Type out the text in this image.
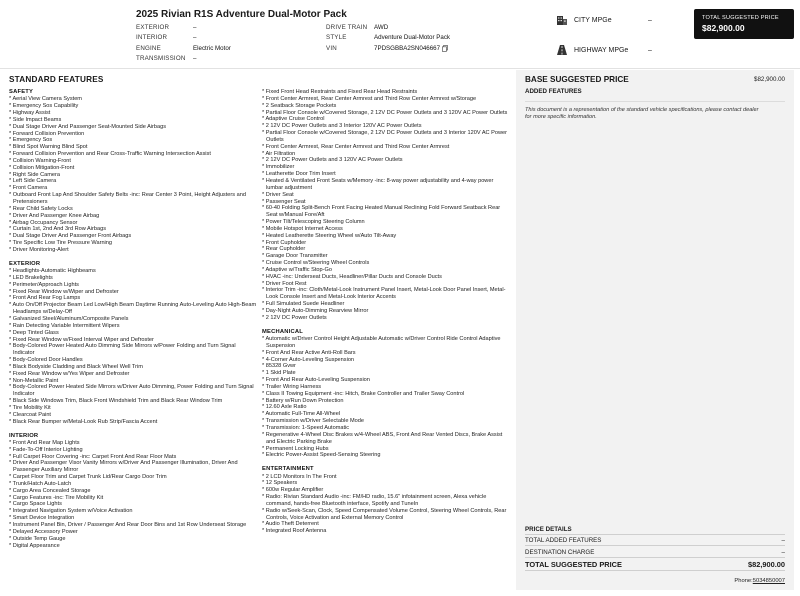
2025 Rivian R1S Adventure Dual-Motor Pack
EXTERIOR	–
INTERIOR	–
ENGINE	Electric Motor
TRANSMISSION	–
DRIVE TRAIN	AWD
STYLE	Adventure Dual-Motor Pack
VIN	7PDSGBBA2SN046667
CITY MPGe	–
HIGHWAY MPGe	–
TOTAL SUGGESTED PRICE
$82,900.00
STANDARD FEATURES
SAFETY
* Aerial View Camera System
* Emergency Sos Capability
* Highway Assist
* Side Impact Beams
* Dual Stage Driver And Passenger Seat-Mounted Side Airbags
* Forward Collision Prevention
* Emergency Sos
* Blind Spot Warning Blind Spot
* Forward Collision Prevention and Rear Cross-Traffic Warning Intersection Assist
* Collision Warning-Front
* Collision Mitigation-Front
* Right Side Camera
* Left Side Camera
* Front Camera
* Outboard Front Lap And Shoulder Safety Belts -inc: Rear Center 3 Point, Height Adjusters and Pretensioners
* Rear Child Safety Locks
* Driver And Passenger Knee Airbag
* Airbag Occupancy Sensor
* Curtain 1st, 2nd And 3rd Row Airbags
* Dual Stage Driver And Passenger Front Airbags
* Tire Specific Low Tire Pressure Warning
* Driver Monitoring-Alert
EXTERIOR
* Headlights-Automatic Highbeams
* LED Brakelights
* Perimeter/Approach Lights
* Fixed Rear Window w/Wiper and Defroster
* Front And Rear Fog Lamps
* Auto On/Off Projector Beam Led Low/High Beam Daytime Running Auto-Leveling Auto High-Beam Headlamps w/Delay-Off
* Galvanized Steel/Aluminum/Composite Panels
* Rain Detecting Variable Intermittent Wipers
* Deep Tinted Glass
* Fixed Rear Window w/Fixed Interval Wiper and Defroster
* Body-Colored Power Heated Auto Dimming Side Mirrors w/Power Folding and Turn Signal Indicator
* Body-Colored Door Handles
* Black Bodyside Cladding and Black Wheel Well Trim
* Fixed Rear Window w/Yes Wiper and Defroster
* Non-Metallic Paint
* Body-Colored Power Heated Side Mirrors w/Driver Auto Dimming, Power Folding and Turn Signal Indicator
* Black Side Windows Trim, Black Front Windshield Trim and Black Rear Window Trim
* Tire Mobility Kit
* Clearcoat Paint
* Black Rear Bumper w/Metal-Look Rub Strip/Fascia Accent
INTERIOR
* Front And Rear Map Lights
* Fade-To-Off Interior Lighting
* Full Carpet Floor Covering -inc: Carpet Front And Rear Floor Mats
* Driver And Passenger Visor Vanity Mirrors w/Driver And Passenger Illumination, Driver And Passenger Auxiliary Mirror
* Carpet Floor Trim and Carpet Trunk Lid/Rear Cargo Door Trim
* Trunk/Hatch Auto-Latch
* Cargo Area Concealed Storage
* Cargo Features -inc: Tire Mobility Kit
* Cargo Space Lights
* Integrated Navigation System w/Voice Activation
* Smart Device Integration
* Instrument Panel Bin, Driver / Passenger And Rear Door Bins and 1st Row Underseat Storage
* Delayed Accessory Power
* Outside Temp Gauge
* Digital Appearance
* Fixed Front Head Restraints and Fixed Rear Head Restraints
* Front Center Armrest, Rear Center Armrest and Third Row Center Armrest w/Storage
* 2 Seatback Storage Pockets
* Partial Floor Console w/Covered Storage, 2 12V DC Power Outlets and 3 120V AC Power Outlets
* Adaptive Cruise Control
* 2 12V DC Power Outlets and 3 Interior 120V AC Power Outlets
* Partial Floor Console w/Covered Storage, 2 12V DC Power Outlets and 3 Interior 120V AC Power Outlets
* Front Center Armrest, Rear Center Armrest and Third Row Center Armrest
* Air Filtration
* 2 12V DC Power Outlets and 3 120V AC Power Outlets
* Immobilizer
* Leatherette Door Trim Insert
* Heated & Ventilated Front Seats w/Memory -inc: 8-way power adjustability and 4-way power lumbar adjustment
* Driver Seat
* Passenger Seat
* 60-40 Folding Split-Bench Front Facing Heated Manual Reclining Fold Forward Seatback Rear Seat w/Manual Fore/Aft
* Power Tilt/Telescoping Steering Column
* Mobile Hotspot Internet Access
* Heated Leatherette Steering Wheel w/Auto Tilt-Away
* Front Cupholder
* Rear Cupholder
* Garage Door Transmitter
* Cruise Control w/Steering Wheel Controls
* Adaptive w/Traffic Stop-Go
* HVAC -inc: Underseat Ducts, Headliner/Pillar Ducts and Console Ducts
* Driver Foot Rest
* Interior Trim -inc: Cloth/Metal-Look Instrument Panel Insert, Metal-Look Door Panel Insert, Metal-Look Console Insert and Metal-Look Interior Accents
* Full Simulated Suede Headliner
* Day-Night Auto-Dimming Rearview Mirror
* 2 12V DC Power Outlets
MECHANICAL
* Automatic w/Driver Control Height Adjustable Automatic w/Driver Control Ride Control Adaptive Suspension
* Front And Rear Active Anti-Roll Bars
* 4-Corner Auto-Leveling Suspension
* 85328 Gvwr
* 1 Skid Plate
* Front And Rear Auto-Leveling Suspension
* Trailer Wiring Harness
* Class II Towing Equipment -inc: Hitch, Brake Controller and Trailer Sway Control
* Battery w/Run Down Protection
* 12.60 Axle Ratio
* Automatic Full-Time All-Wheel
* Transmission w/Driver Selectable Mode
* Transmission: 1-Speed Automatic
* Regenerative 4-Wheel Disc Brakes w/4-Wheel ABS, Front And Rear Vented Discs, Brake Assist and Electric Parking Brake
* Permanent Locking Hubs
* Electric Power-Assist Speed-Sensing Steering
ENTERTAINMENT
* 2 LCD Monitors In The Front
* 12 Speakers
* 600w Regular Amplifier
* Radio: Rivian Standard Audio -inc: FM/HD radio, 15.6" infotainment screen, Alexa vehicle command, hands-free Bluetooth interface, Spotify and TuneIn
* Radio w/Seek-Scan, Clock, Speed Compensated Volume Control, Steering Wheel Controls, Rear Controls, Voice Activation and External Memory Control
* Audio Theft Deterrent
* Integrated Roof Antenna
BASE SUGGESTED PRICE	$82,900.00
ADDED FEATURES
This document is a representation of the standard vehicle specifications, please contact dealer for more specific information.
PRICE DETAILS
TOTAL ADDED FEATURES	–
DESTINATION CHARGE	–
TOTAL SUGGESTED PRICE	$82,900.00
Phone:5034850007
